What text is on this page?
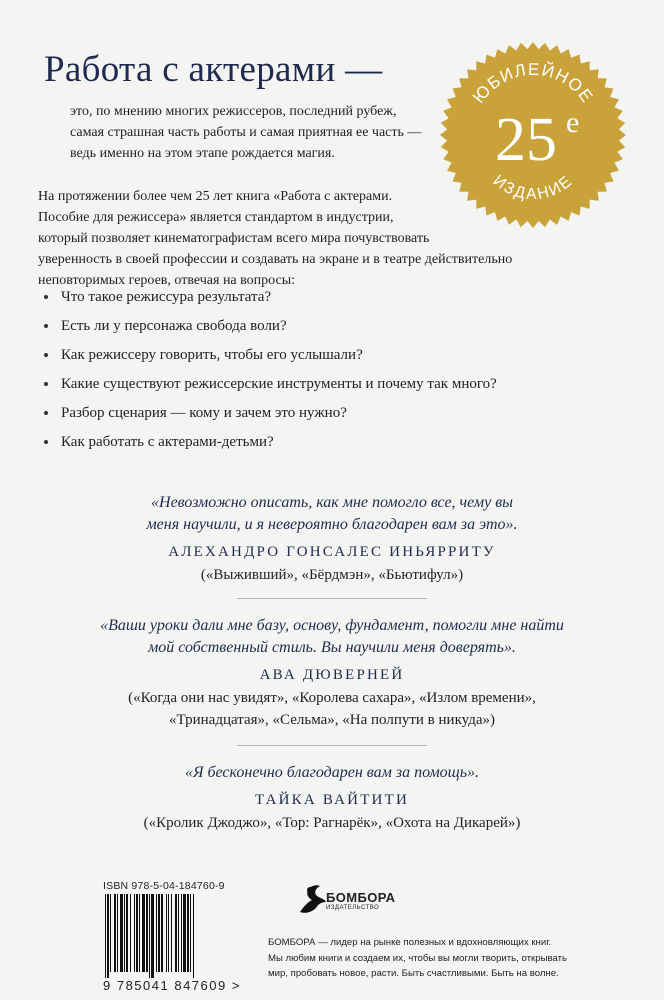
Работа с актерами —
это, по мнению многих режиссеров, последний рубеж,
самая страшная часть работы и самая приятная ее часть —
ведь именно на этом этапе рождается магия.
ЮБИЛЕЙНОЕ
25 е
ИЗДАНИЕ
На протяжении более чем 25 лет книга «Работа с актерами.
Пособие для режиссера» является стандартом в индустрии,
который позволяет кинематографистам всего мира почувствовать
уверенность в своей профессии и создавать на экране и в театре действительно
неповторимых героев, отвечая на вопросы:
Что такое режиссура результата?
Есть ли у персонажа свобода воли?
Как режиссеру говорить, чтобы его услышали?
Какие существуют режиссерские инструменты и почему так много?
Разбор сценария — кому и зачем это нужно?
Как работать с актерами-детьми?
«Невозможно описать, как мне помогло все, чему вы
меня научили, и я невероятно благодарен вам за это».
АЛЕХАНДРО ГОНСАЛЕС ИНЬЯРРИТУ
(«Выживший», «Бёрдмэн», «Бьютифул»)
«Ваши уроки дали мне базу, основу, фундамент, помогли мне найти
мой собственный стиль. Вы научили меня доверять».
АВА ДЮВЕРНЕЙ
(«Когда они нас увидят», «Королева сахара», «Излом времени»,
«Тринадцатая», «Сельма», «На полпути в никуда»)
«Я бесконечно благодарен вам за помощь».
ТАЙКА ВАЙТИТИ
(«Кролик Джоджо», «Тор: Рагнарёк», «Охота на Дикарей»)
ISBN 978-5-04-184760-9
9 785041 847609 >
БОМБОРА
ИЗДАТЕЛЬСТВО
БОМБОРА — лидер на рынке полезных и вдохновляющих книг.
Мы любим книги и создаем их, чтобы вы могли творить, открывать
мир, пробовать новое, расти. Быть счастливыми. Быть на волне.
